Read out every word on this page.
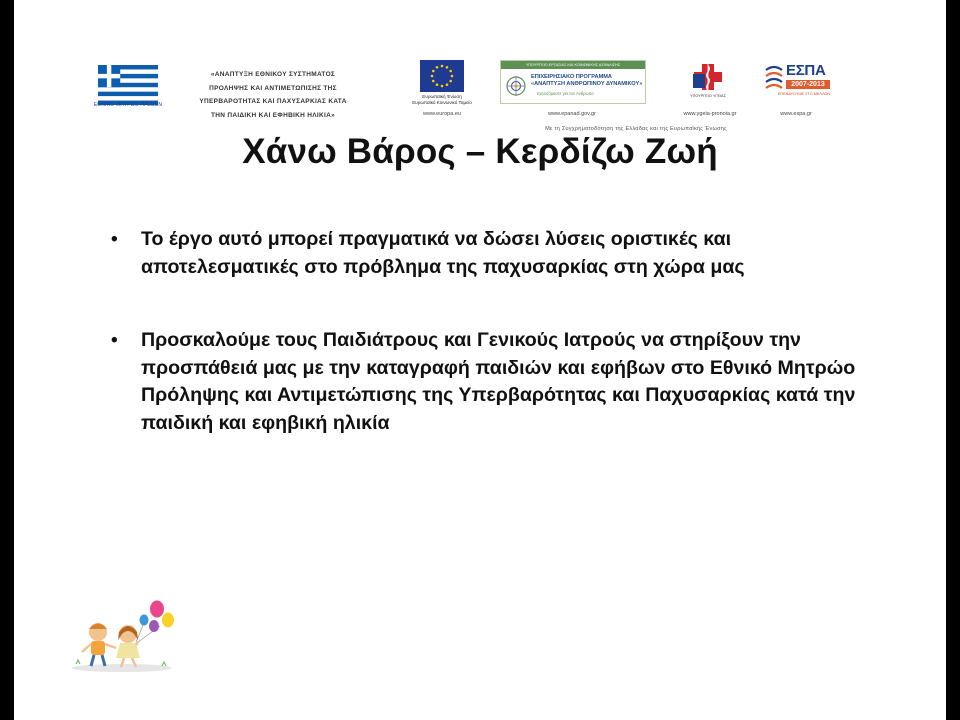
ΕΘΝΙΚΟ ΜΗΤΡΩΟ ΠΑΙΔΙΩΝ
«ΑΝΑΠΤΥΞΗ ΕΘΝΙΚΟΥ ΣΥΣΤΗΜΑΤΟΣ
ΠΡΟΛΗΨΗΣ ΚΑΙ ΑΝΤΙΜΕΤΩΠΙΣΗΣ ΤΗΣ
ΥΠΕΡΒΑΡΟΤΗΤΑΣ ΚΑΙ ΠΑΧΥΣΑΡΚΙΑΣ ΚΑΤΑ
ΤΗΝ ΠΑΙΔΙΚΗ ΚΑΙ ΕΦΗΒΙΚΗ ΗΛΙΚΙΑ»
Ευρωπαϊκή Ένωση
Ευρωπαϊκό Κοινωνικό Ταμείο
www.europa.eu
ΥΠΟΥΡΓΕΙΟ ΕΡΓΑΣΙΑΣ ΚΑΙ ΚΟΙΝΩΝΙΚΗΣ ΑΣΦΑΛΙΣΗΣ
ΕΠΙΧΕΙΡΗΣΙΑΚΟ ΠΡΟΓΡΑΜΜΑ
«ΑΝΑΠΤΥΞΗ ΑΝΘΡΩΠΙΝΟΥ ΔΥΝΑΜΙΚΟΥ»
Εργαζόμαστε για τον Άνθρωπο
www.epanad.gov.gr
ΥΠΟΥΡΓΕΙΟ ΥΓΕΙΑΣ
www.ygeia-pronoia.gr
ΕΣΠΑ
2007-2013
ΕΠΕΝΔΥΟΥΜΕ ΣΤΟ ΜΕΛΛΟΝ
www.espa.gr
Με τη Συγχρηματοδότηση της Ελλάδας και της Ευρωπαϊκής Ένωσης
Χάνω Βάρος – Κερδίζω Ζωή
• Το έργο αυτό μπορεί πραγματικά να δώσει λύσεις οριστικές και αποτελεσματικές στο πρόβλημα της παχυσαρκίας στη χώρα μας
• Προσκαλούμε τους Παιδιάτρους και Γενικούς Ιατρούς να στηρίξουν την προσπάθειά μας με την καταγραφή παιδιών και εφήβων στο Εθνικό Μητρώο Πρόληψης και Αντιμετώπισης της Υπερβαρότητας και Παχυσαρκίας κατά την παιδική και εφηβική ηλικία
